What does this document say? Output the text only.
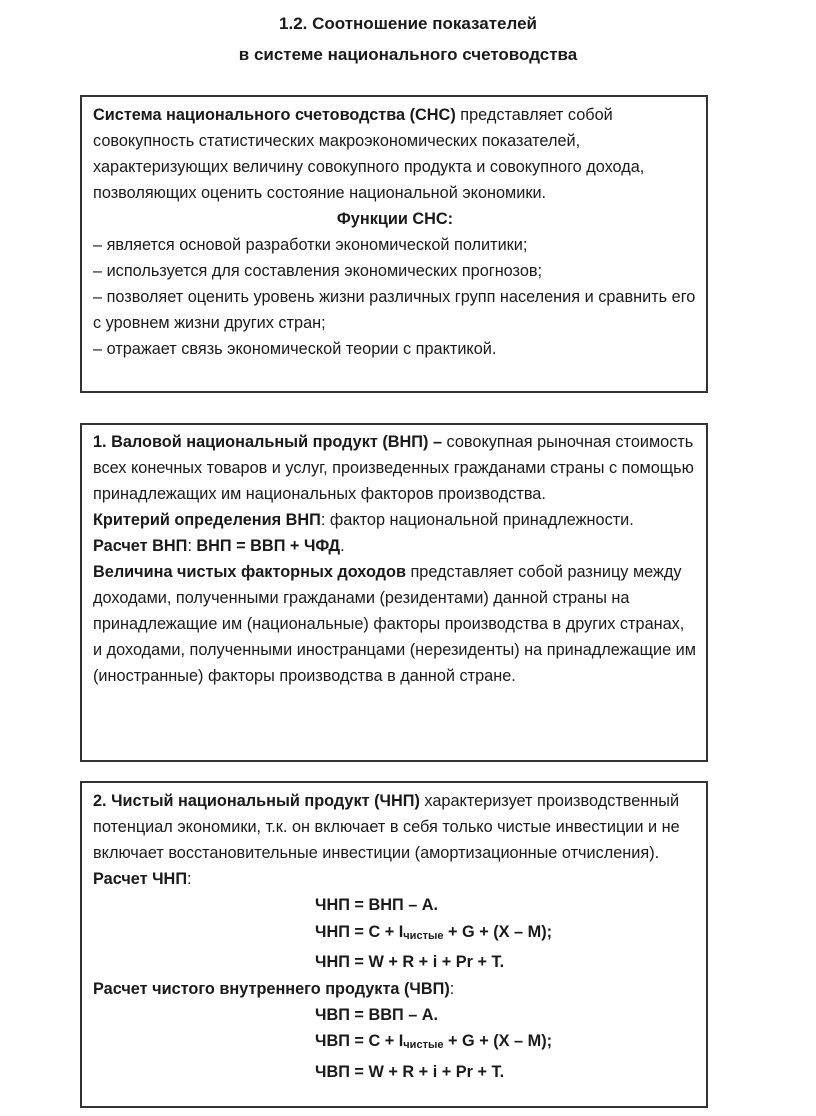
1.2. Соотношение показателей
в системе национального счетоводства

Система национального счетоводства (СНС) представляет собой совокупность статистических макроэкономических показателей, характеризующих величину совокупного продукта и совокупного дохода, позволяющих оценить состояние национальной экономики.

Функции СНС:

– является основой разработки экономической политики;

– используется для составления экономических прогнозов;

– позволяет оценить уровень жизни различных групп населения и сравнить его с уровнем жизни других стран;

– отражает связь экономической теории с практикой.

1. Валовой национальный продукт (ВНП) – совокупная рыночная стоимость всех конечных товаров и услуг, произведенных гражданами страны с помощью принадлежащих им национальных факторов производства.

Критерий определения ВНП: фактор национальной принадлежности.

Расчет ВНП: ВНП = ВВП + ЧФД.

Величина чистых факторных доходов представляет собой разницу между доходами, полученными гражданами (резидентами) данной страны на принадлежащие им (национальные) факторы производства в других странах, и доходами, полученными иностранцами (нерезиденты) на принадлежащие им (иностранные) факторы производства в данной стране.

2. Чистый национальный продукт (ЧНП) характеризует производственный потенциал экономики, т.к. он включает в себя только чистые инвестиции и не включает восстановительные инвестиции (амортизационные отчисления). Расчет ЧНП:

ЧНП = ВНП – А.

ЧНП = C + Iчистые + G + (X – M);

ЧНП = W + R + i + Pr + T.

Расчет чистого внутреннего продукта (ЧВП):

ЧВП = ВВП – А.

ЧВП = C + Iчистые + G + (X – M);

ЧВП = W + R + i + Pr + T.
